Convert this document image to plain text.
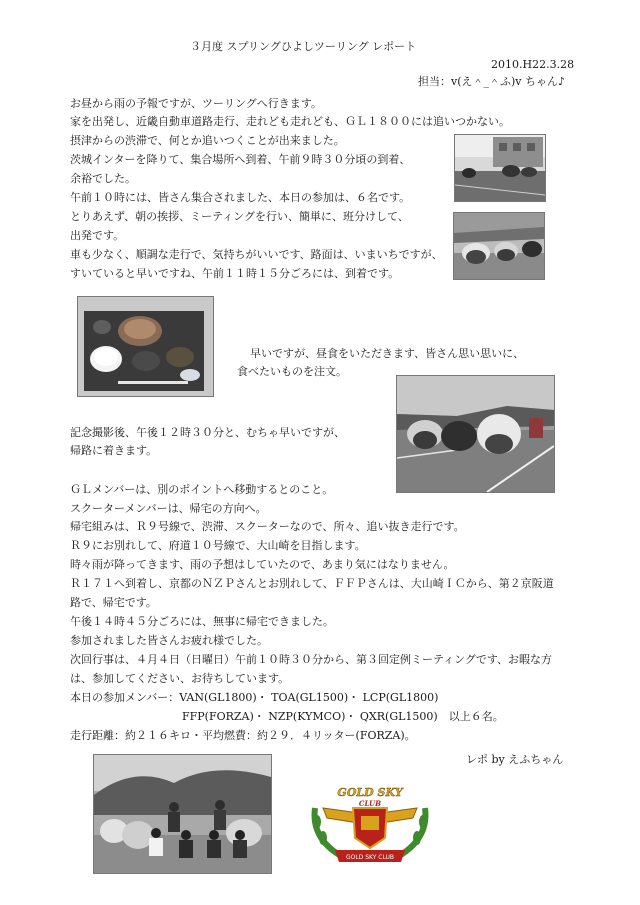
３月度 スプリングひよしツーリング レポート
2010.H22.3.28
担当：v(え＾_＾ふ)v ちゃん♪
お昼から雨の予報ですが、ツーリングへ行きます。
家を出発し、近畿自動車道路走行、走れども走れども、ＧＬ１８００には追いつかない。
摂津からの渋滞で、何とか追いつくことが出来ました。
茨城インターを降りて、集合場所へ到着、午前９時３０分頃の到着、
余裕でした。
午前１０時には、皆さん集合されました、本日の参加は、６名です。
とりあえず、朝の挨拶、ミーティングを行い、簡単に、班分けして、
出発です。
車も少なく、順調な走行で、気持ちがいいです、路面は、いまいちですが、
すいていると早いですね、午前１１時１５分ごろには、到着です。
早いですが、昼食をいただきます、皆さん思い思いに、
食べたいものを注文。
記念撮影後、午後１２時３０分と、むちゃ早いですが、
帰路に着きます。
ＧＬメンバーは、別のポイントへ移動するとのこと。
スクーターメンバーは、帰宅の方向へ。
帰宅組みは、Ｒ９号線で、渋滞、スクーターなので、所々、追い抜き走行です。
Ｒ９にお別れして、府道１０号線で、大山崎を目指します。
時々雨が降ってきます、雨の予想はしていたので、あまり気にはなりません。
Ｒ１７１へ到着し、京都のＮＺＰさんとお別れして、ＦＦＰさんは、大山崎ＩＣから、第２京阪道
路で、帰宅です。
午後１４時４５分ごろには、無事に帰宅できました。
参加されました皆さんお疲れ様でした。
次回行事は、４月４日（日曜日）午前１０時３０分から、第３回定例ミーティングです、お暇な方
は、参加してください、お待ちしています。
本日の参加メンバー：VAN(GL1800)・ TOA(GL1500)・ LCP(GL1800)
FFP(FORZA)・ NZP(KYMCO)・ QXR(GL1500)　以上６名。
走行距離：約２１６キロ・平均燃費：約２９．４リッター(FORZA)。
レポ by えふちゃん
GOLD SKY CLUB
GOLD SKY
CLUB
